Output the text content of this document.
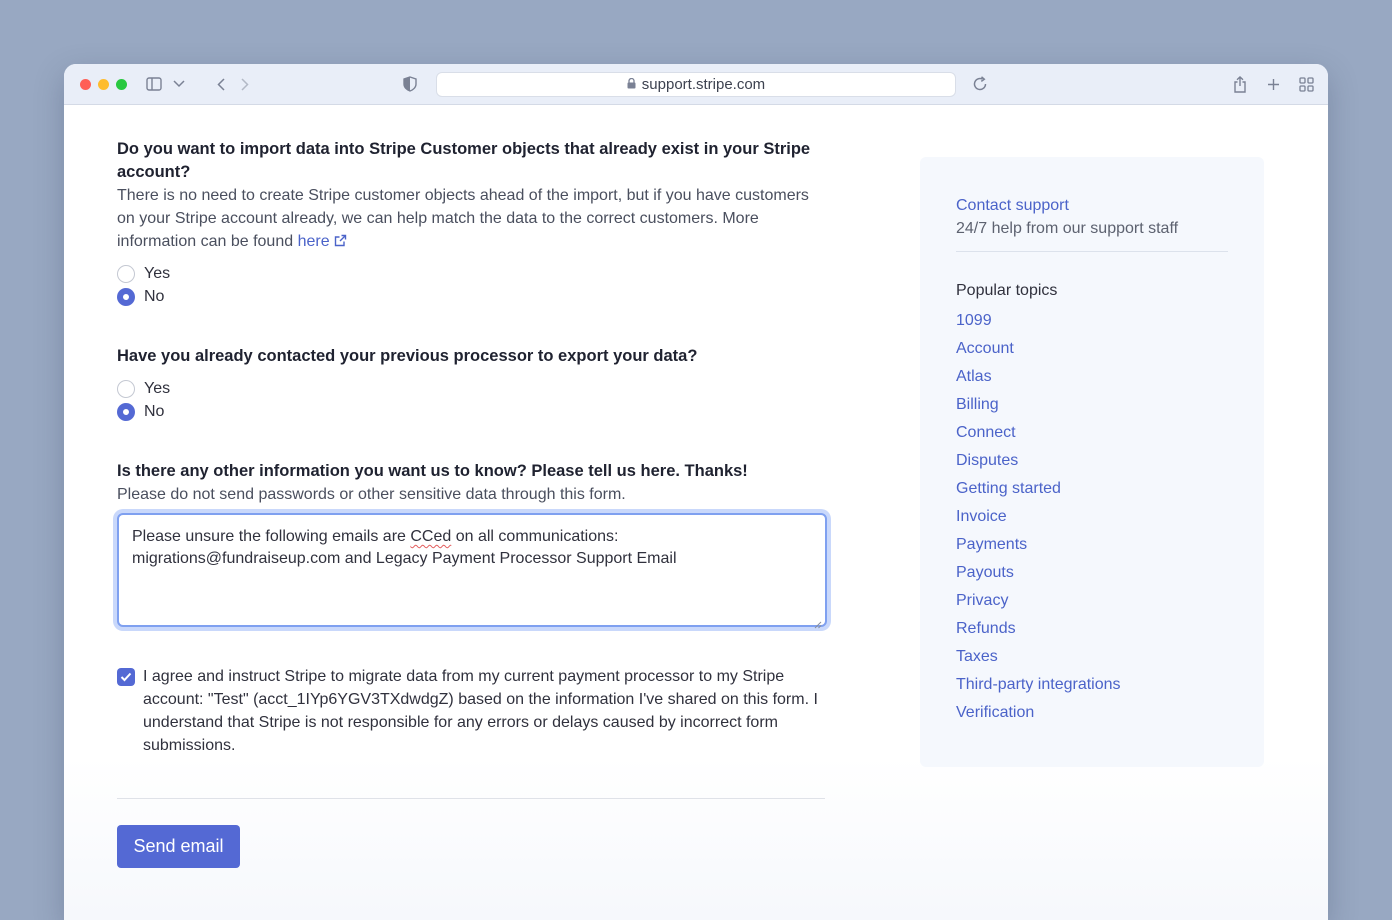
support.stripe.com
Do you want to import data into Stripe Customer objects that already exist in your Stripe account?
There is no need to create Stripe customer objects ahead of the import, but if you have customers on your Stripe account already, we can help match the data to the correct customers. More information can be found here
Yes
No
Have you already contacted your previous processor to export your data?
Yes
No
Is there any other information you want us to know? Please tell us here. Thanks!
Please do not send passwords or other sensitive data through this form.
Please unsure the following emails are CCed on all communications:
migrations@fundraiseup.com and Legacy Payment Processor Support Email
I agree and instruct Stripe to migrate data from my current payment processor to my Stripe account: "Test" (acct_1IYp6YGV3TXdwdgZ) based on the information I've shared on this form. I understand that Stripe is not responsible for any errors or delays caused by incorrect form submissions.
Send email
Contact support
24/7 help from our support staff
Popular topics
1099
Account
Atlas
Billing
Connect
Disputes
Getting started
Invoice
Payments
Payouts
Privacy
Refunds
Taxes
Third-party integrations
Verification
